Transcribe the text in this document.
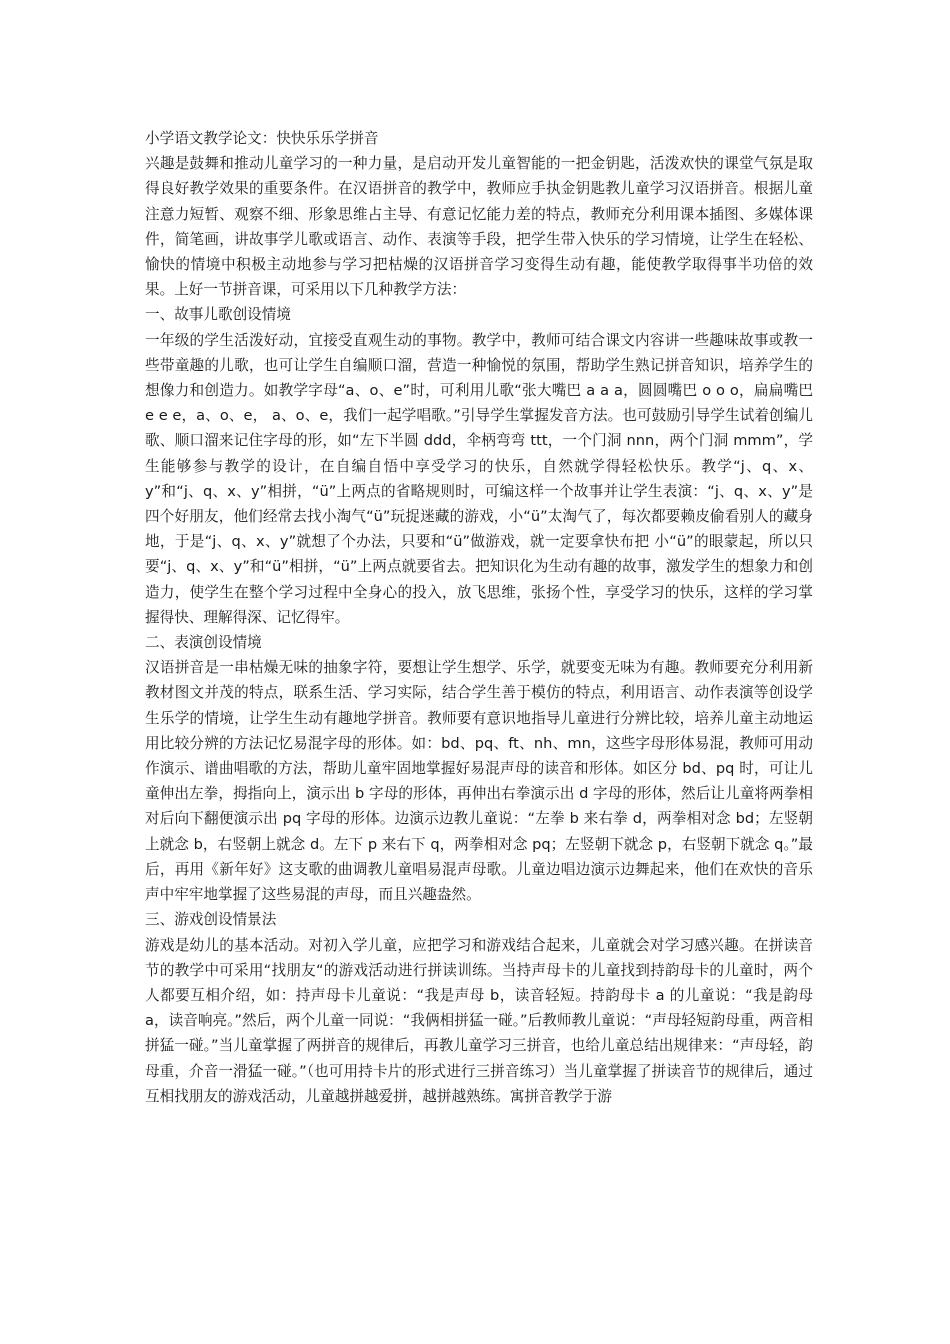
小学语文教学论文：快快乐乐学拼音

兴趣是鼓舞和推动儿童学习的一种力量，是启动开发儿童智能的一把金钥匙，活泼欢快的课堂气氛是取得良好教学效果的重要条件。在汉语拼音的教学中，教师应手执金钥匙教儿童学习汉语拼音。根据儿童注意力短暂、观察不细、形象思维占主导、有意记忆能力差的特点，教师充分利用课本插图、多媒体课件，简笔画，讲故事学儿歌或语言、动作、表演等手段，把学生带入快乐的学习情境，让学生在轻松、愉快的情境中积极主动地参与学习把枯燥的汉语拼音学习变得生动有趣，能使教学取得事半功倍的效果。上好一节拼音课，可采用以下几种教学方法：

一、故事儿歌创设情境

一年级的学生活泼好动，宜接受直观生动的事物。教学中，教师可结合课文内容讲一些趣味故事或教一些带童趣的儿歌，也可让学生自编顺口溜，营造一种愉悦的氛围，帮助学生熟记拼音知识，培养学生的想像力和创造力。如教学字母“a、o、e”时，可利用儿歌“张大嘴巴 a a a，圆圆嘴巴 o o o，扁扁嘴巴 e e e，a、o、e， a、o、e，我们一起学唱歌。”引导学生掌握发音方法。也可鼓励引导学生试着创编儿歌、顺口溜来记住字母的形，如“左下半圆 ddd，伞柄弯弯 ttt，一个门洞 nnn，两个门洞 mmm”，学生能够参与教学的设计，在自编自悟中享受学习的快乐，自然就学得轻松快乐。教学“j、q、x、y”和“j、q、x、y”相拼，“ü”上两点的省略规则时，可编这样一个故事并让学生表演：“j、q、x、y”是四个好朋友，他们经常去找小淘气“ü”玩捉迷藏的游戏，小“ü”太淘气了，每次都要赖皮偷看别人的藏身地，于是“j、q、x、y”就想了个办法，只要和“ü”做游戏，就一定要拿快布把 小“ü”的眼蒙起，所以只要“j、q、x、y”和“ü”相拼，“ü”上两点就要省去。把知识化为生动有趣的故事，激发学生的想象力和创造力，使学生在整个学习过程中全身心的投入，放飞思维，张扬个性，享受学习的快乐，这样的学习掌握得快、理解得深、记忆得牢。

二、表演创设情境

汉语拼音是一串枯燥无味的抽象字符，要想让学生想学、乐学，就要变无味为有趣。教师要充分利用新教材图文并茂的特点，联系生活、学习实际，结合学生善于模仿的特点，利用语言、动作表演等创设学生乐学的情境，让学生生动有趣地学拼音。教师要有意识地指导儿童进行分辨比较，培养儿童主动地运用比较分辨的方法记忆易混字母的形体。如：bd、pq、ft、nh、mn，这些字母形体易混，教师可用动作演示、谱曲唱歌的方法，帮助儿童牢固地掌握好易混声母的读音和形体。如区分 bd、pq 时，可让儿童伸出左拳，拇指向上，演示出 b 字母的形体，再伸出右拳演示出 d 字母的形体，然后让儿童将两拳相对后向下翻便演示出 pq 字母的形体。边演示边教儿童说：“左拳 b 来右拳 d，两拳相对念 bd；左竖朝上就念 b，右竖朝上就念 d。左下 p 来右下 q，两拳相对念 pq；左竖朝下就念 p，右竖朝下就念 q。”最后，再用《新年好》这支歌的曲调教儿童唱易混声母歌。儿童边唱边演示边舞起来，他们在欢快的音乐声中牢牢地掌握了这些易混的声母，而且兴趣盎然。

三、游戏创设情景法

游戏是幼儿的基本活动。对初入学儿童，应把学习和游戏结合起来，儿童就会对学习感兴趣。在拼读音节的教学中可采用“找朋友“的游戏活动进行拼读训练。当持声母卡的儿童找到持韵母卡的儿童时，两个人都要互相介绍，如：持声母卡儿童说：“我是声母 b，读音轻短。持韵母卡 a 的儿童说：“我是韵母 a，读音响亮。”然后，两个儿童一同说：“我俩相拼猛一碰。”后教师教儿童说：“声母轻短韵母重，两音相拼猛一碰。”当儿童掌握了两拼音的规律后，再教儿童学习三拼音，也给儿童总结出规律来：“声母轻，韵母重，介音一滑猛一碰。”（也可用持卡片的形式进行三拼音练习）当儿童掌握了拼读音节的规律后，通过互相找朋友的游戏活动，儿童越拼越爱拼，越拼越熟练。寓拼音教学于游
